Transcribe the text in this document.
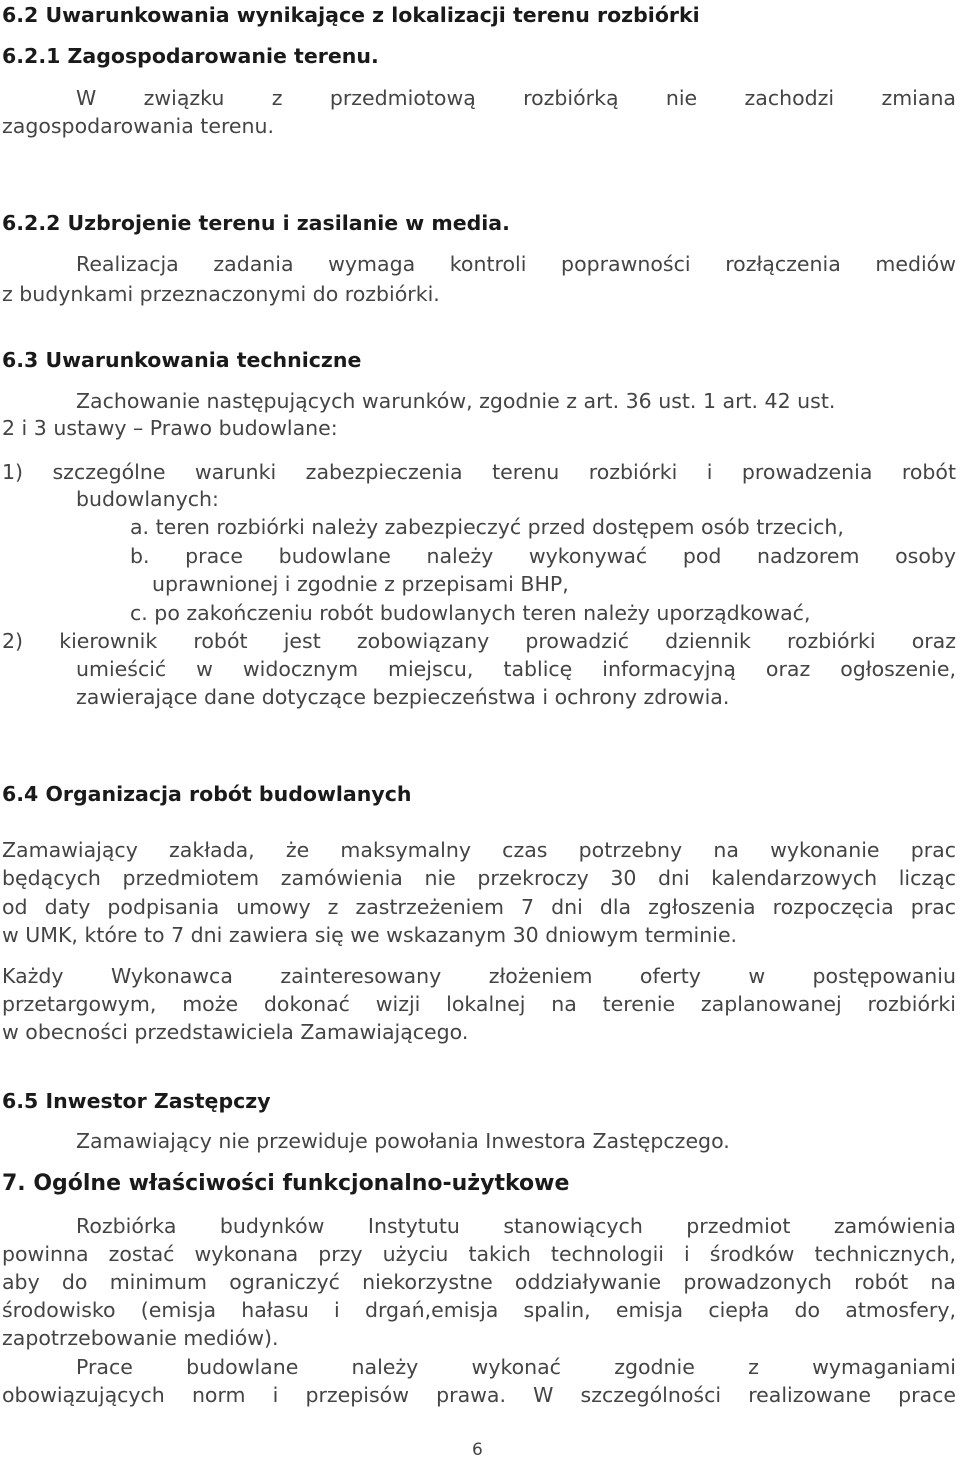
6.2 Uwarunkowania wynikające z lokalizacji terenu rozbiórki
6.2.1 Zagospodarowanie terenu.
W związku z przedmiotową rozbiórką nie zachodzi zmiana
zagospodarowania terenu.
6.2.2 Uzbrojenie terenu i zasilanie w media.
Realizacja zadania wymaga kontroli poprawności rozłączenia mediów
z budynkami przeznaczonymi do rozbiórki.
6.3 Uwarunkowania techniczne
Zachowanie następujących warunków, zgodnie z art. 36 ust. 1 art. 42 ust.
2 i 3 ustawy – Prawo budowlane:
1) szczególne warunki zabezpieczenia terenu rozbiórki i prowadzenia robót
budowlanych:
a. teren rozbiórki należy zabezpieczyć przed dostępem osób trzecich,
b. prace budowlane należy wykonywać pod nadzorem osoby
uprawnionej i zgodnie z przepisami BHP,
c. po zakończeniu robót budowlanych teren należy uporządkować,
2) kierownik robót jest zobowiązany prowadzić dziennik rozbiórki oraz
umieścić w widocznym miejscu, tablicę informacyjną oraz ogłoszenie,
zawierające dane dotyczące bezpieczeństwa i ochrony zdrowia.
6.4 Organizacja robót budowlanych
Zamawiający zakłada, że maksymalny czas potrzebny na wykonanie prac
będących przedmiotem zamówienia nie przekroczy 30 dni kalendarzowych licząc
od daty podpisania umowy z zastrzeżeniem 7 dni dla zgłoszenia rozpoczęcia prac
w UMK, które to 7 dni zawiera się we wskazanym 30 dniowym terminie.
Każdy Wykonawca zainteresowany złożeniem oferty w postępowaniu
przetargowym, może dokonać wizji lokalnej na terenie zaplanowanej rozbiórki
w obecności przedstawiciela Zamawiającego.
6.5 Inwestor Zastępczy
Zamawiający nie przewiduje powołania Inwestora Zastępczego.
7. Ogólne właściwości funkcjonalno-użytkowe
Rozbiórka budynków Instytutu stanowiących przedmiot zamówienia
powinna zostać wykonana przy użyciu takich technologii i środków technicznych,
aby do minimum ograniczyć niekorzystne oddziaływanie prowadzonych robót na
środowisko (emisja hałasu i drgań,emisja spalin, emisja ciepła do atmosfery,
zapotrzebowanie mediów).
Prace budowlane należy wykonać zgodnie z wymaganiami
obowiązujących norm i przepisów prawa. W szczególności realizowane prace
6
